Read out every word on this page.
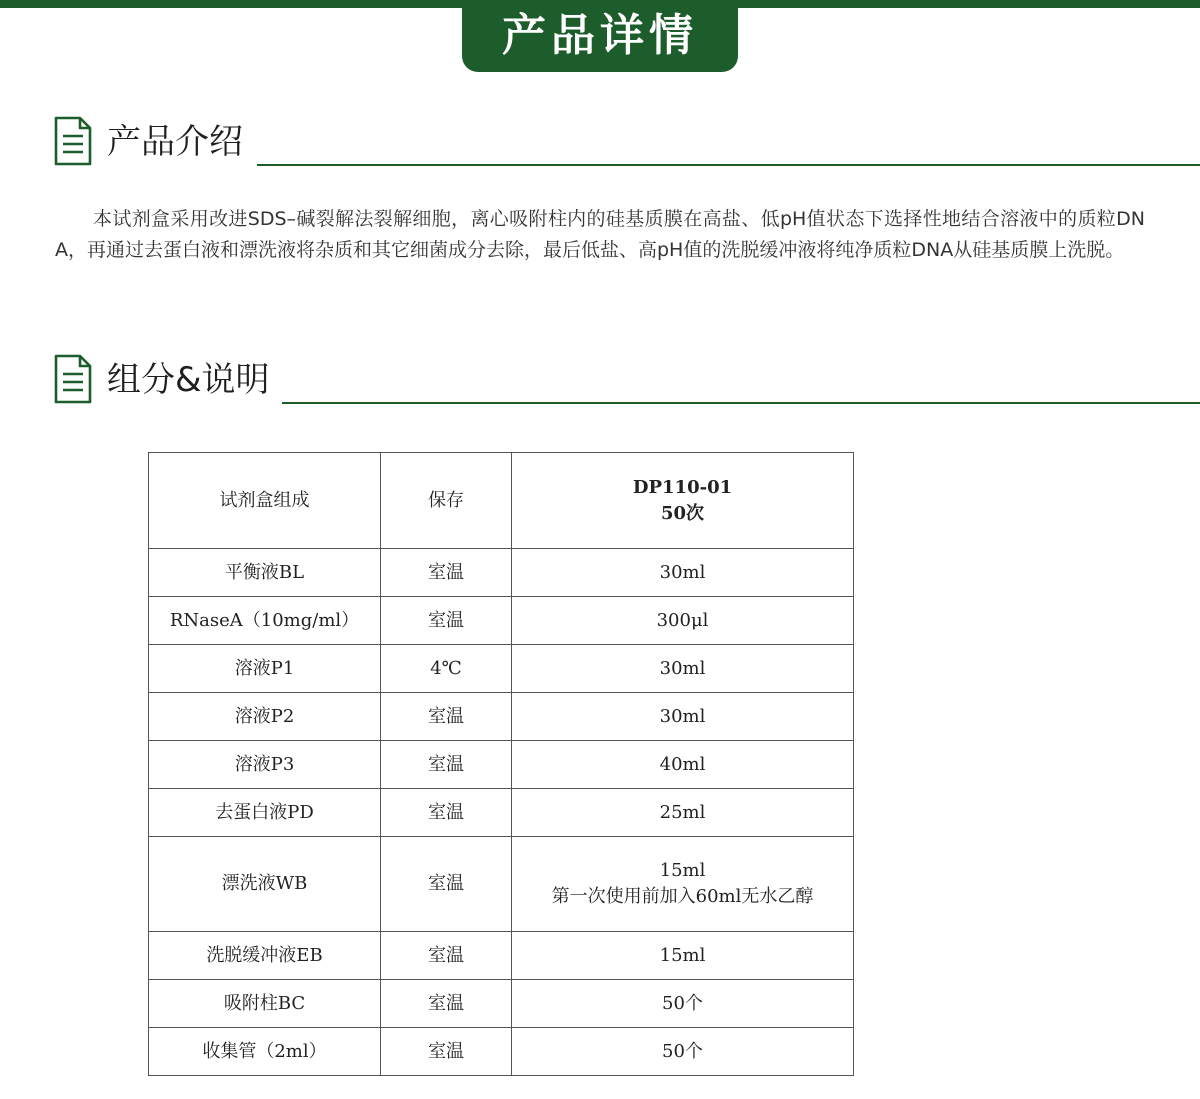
产品详情
产品介绍

本试剂盒采用改进SDS–碱裂解法裂解细胞，离心吸附柱内的硅基质膜在高盐、低pH值状态下选择性地结合溶液中的质粒DNA，再通过去蛋白液和漂洗液将杂质和其它细菌成分去除，最后低盐、高pH值的洗脱缓冲液将纯净质粒DNA从硅基质膜上洗脱。

组分&说明
试剂盒组成	保存	DP110-01
50次

平衡液BL	室温	30ml

RNaseA（10mg/ml）	室温	300μl

溶液P1	4℃	30ml

溶液P2	室温	30ml

溶液P3	室温	40ml

去蛋白液PD	室温	25ml

漂洗液WB	室温	15ml
第一次使用前加入60ml无水乙醇

洗脱缓冲液EB	室温	15ml

吸附柱BC	室温	50个

收集管（2ml）	室温	50个
